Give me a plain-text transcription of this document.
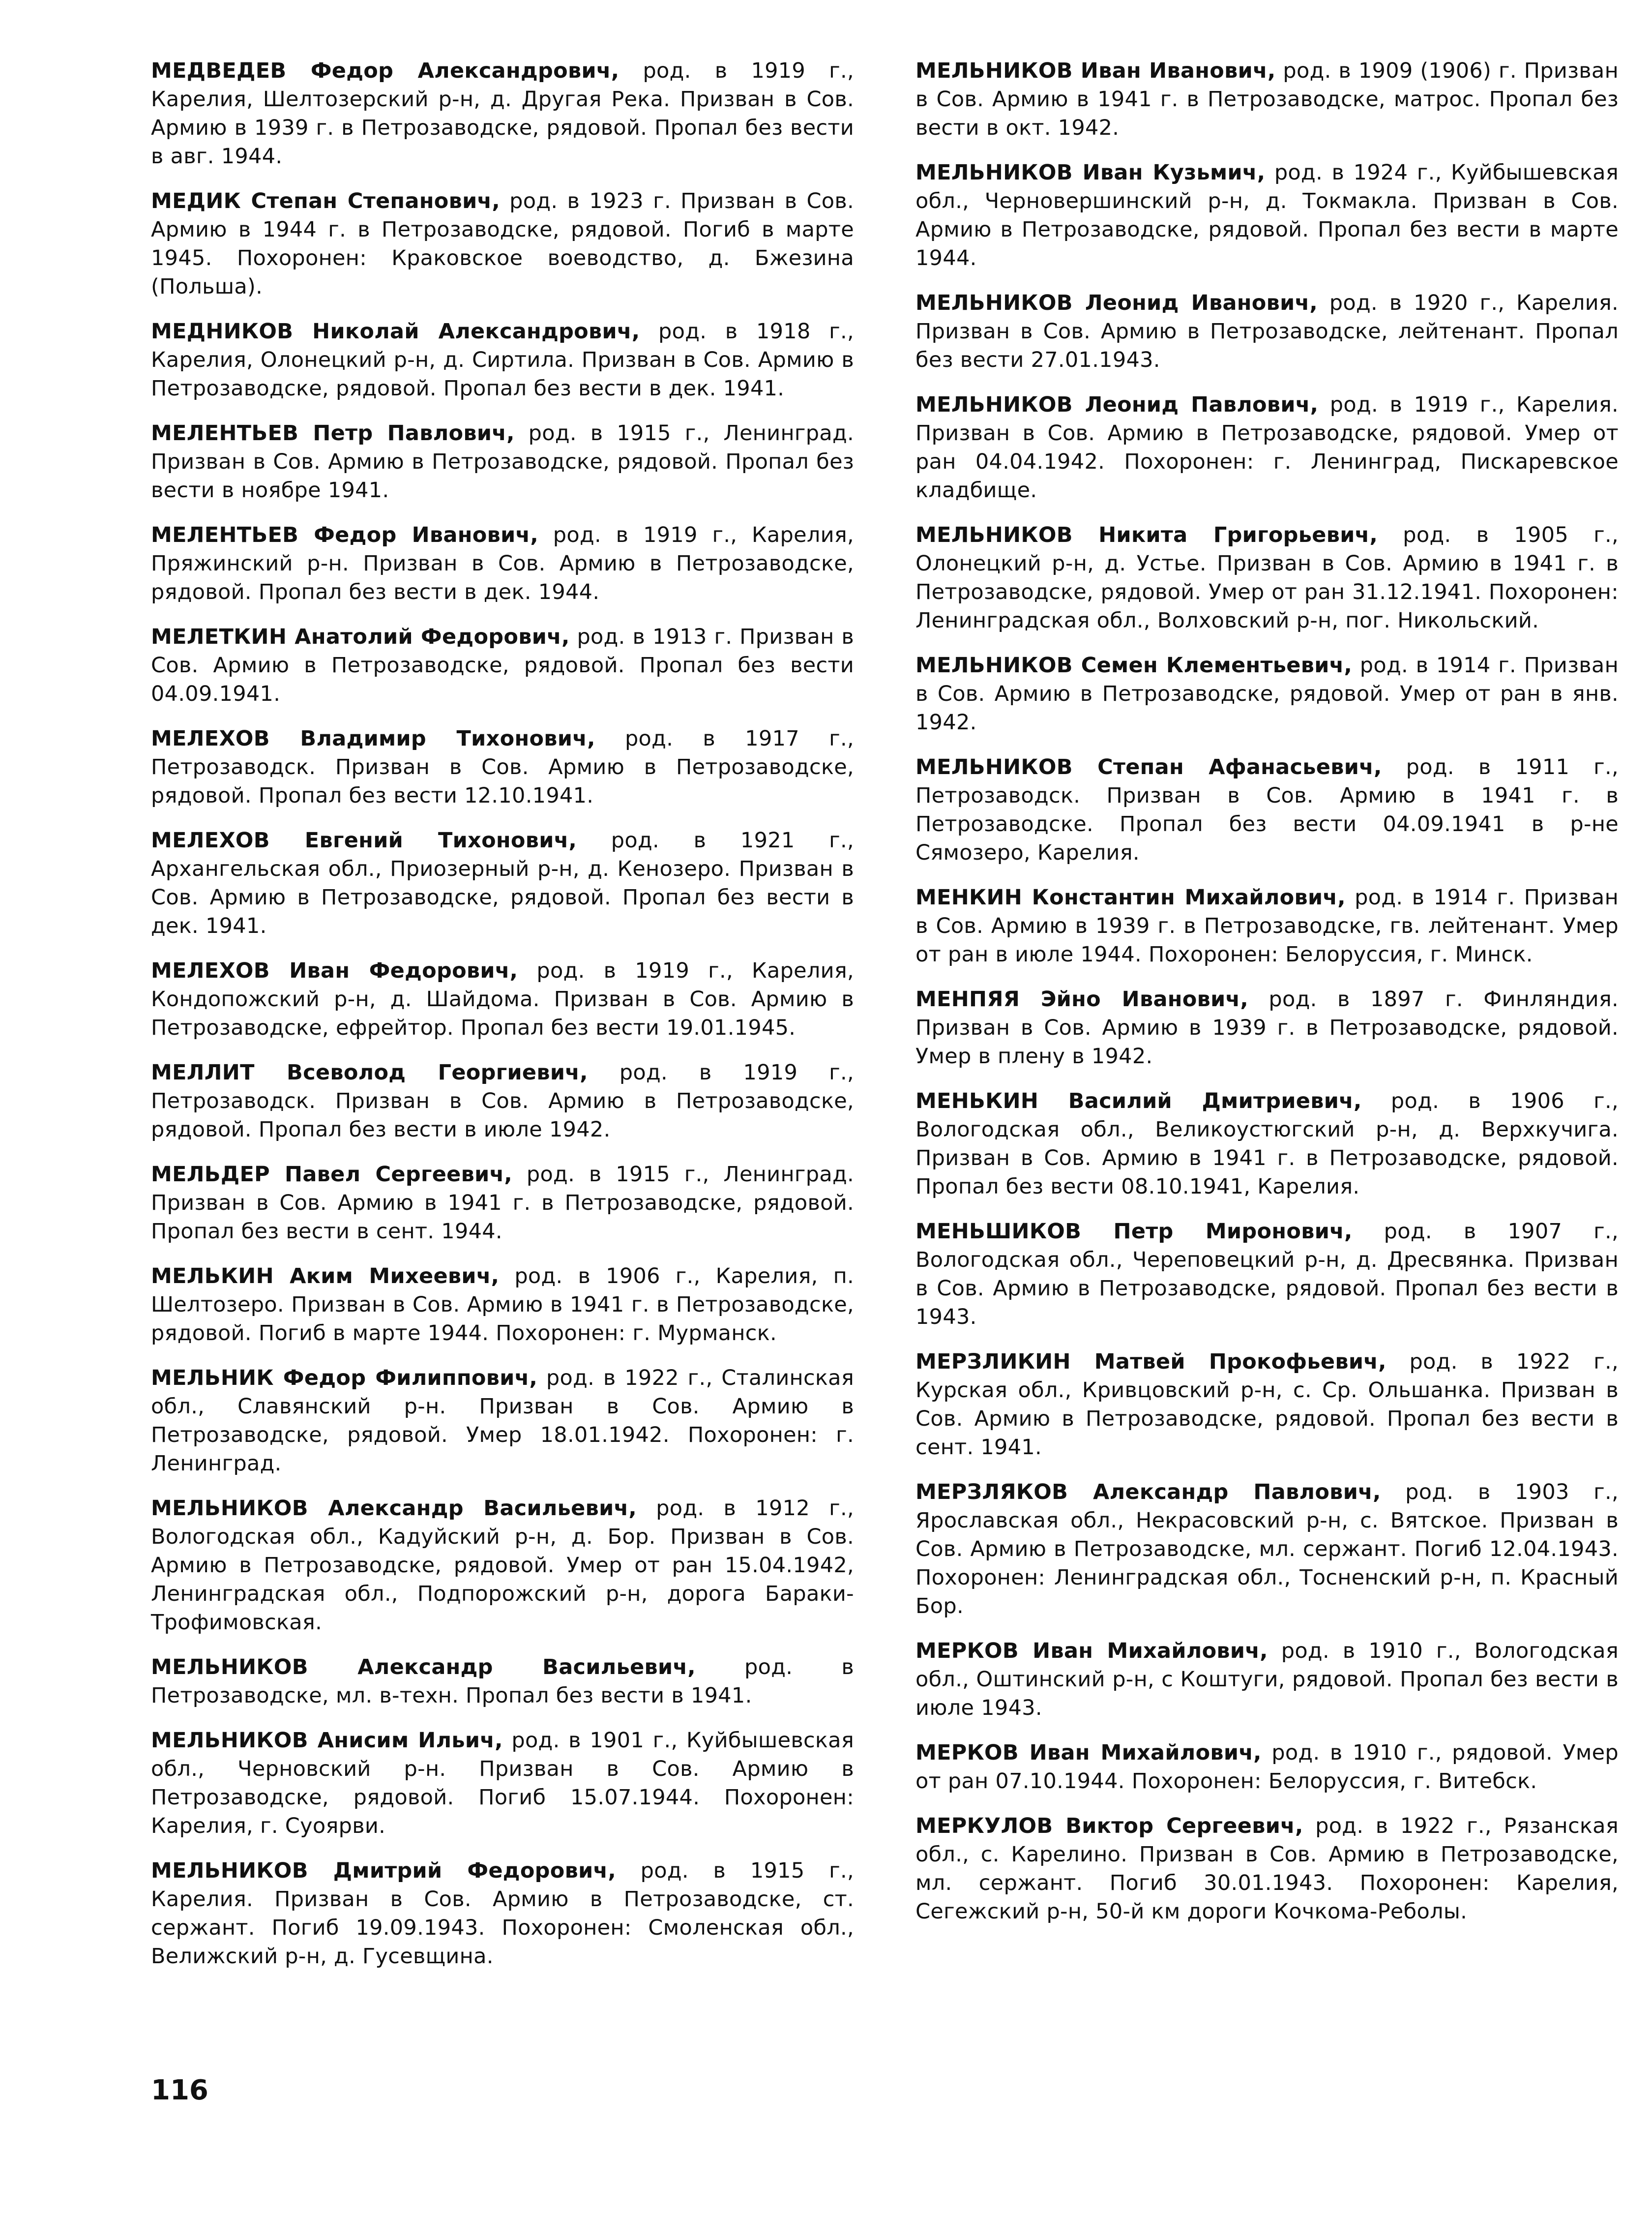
МЕДВЕДЕВ Федор Александрович, род. в 1919 г., Карелия, Шелтозерский р-н, д. Другая Река. Призван в Сов. Армию в 1939 г. в Петрозаводске, рядовой. Пропал без вести в авг. 1944.

МЕДИК Степан Степанович, род. в 1923 г. Призван в Сов. Армию в 1944 г. в Петрозаводске, рядовой. Погиб в марте 1945. Похоронен: Краковское воеводство, д. Бжезина (Польша).

МЕДНИКОВ Николай Александрович, род. в 1918 г., Карелия, Олонецкий р-н, д. Сиртила. Призван в Сов. Армию в Петрозаводске, рядовой. Пропал без вести в дек. 1941.

МЕЛЕНТЬЕВ Петр Павлович, род. в 1915 г., Ленинград. Призван в Сов. Армию в Петрозаводске, рядовой. Пропал без вести в ноябре 1941.

МЕЛЕНТЬЕВ Федор Иванович, род. в 1919 г., Карелия, Пряжинский р-н. Призван в Сов. Армию в Петрозаводске, рядовой. Пропал без вести в дек. 1944.

МЕЛЕТКИН Анатолий Федорович, род. в 1913 г. Призван в Сов. Армию в Петрозаводске, рядовой. Пропал без вести 04.09.1941.

МЕЛЕХОВ Владимир Тихонович, род. в 1917 г., Петрозаводск. Призван в Сов. Армию в Петрозаводске, рядовой. Пропал без вести 12.10.1941.

МЕЛЕХОВ Евгений Тихонович, род. в 1921 г., Архангельская обл., Приозерный р-н, д. Кенозеро. Призван в Сов. Армию в Петрозаводске, рядовой. Пропал без вести в дек. 1941.

МЕЛЕХОВ Иван Федорович, род. в 1919 г., Карелия, Кондопожский р-н, д. Шайдома. Призван в Сов. Армию в Петрозаводске, ефрейтор. Пропал без вести 19.01.1945.

МЕЛЛИТ Всеволод Георгиевич, род. в 1919 г., Петрозаводск. Призван в Сов. Армию в Петрозаводске, рядовой. Пропал без вести в июле 1942.

МЕЛЬДЕР Павел Сергеевич, род. в 1915 г., Ленинград. Призван в Сов. Армию в 1941 г. в Петрозаводске, рядовой. Пропал без вести в сент. 1944.

МЕЛЬКИН Аким Михеевич, род. в 1906 г., Карелия, п. Шелтозеро. Призван в Сов. Армию в 1941 г. в Петрозаводске, рядовой. Погиб в марте 1944. Похоронен: г. Мурманск.

МЕЛЬНИК Федор Филиппович, род. в 1922 г., Сталинская обл., Славянский р-н. Призван в Сов. Армию в Петрозаводске, рядовой. Умер 18.01.1942. Похоронен: г. Ленинград.

МЕЛЬНИКОВ Александр Васильевич, род. в 1912 г., Вологодская обл., Кадуйский р-н, д. Бор. Призван в Сов. Армию в Петрозаводске, рядовой. Умер от ран 15.04.1942, Ленинградская обл., Подпорожский р-н, дорога Бараки-Трофимовская.

МЕЛЬНИКОВ Александр Васильевич, род. в Петрозаводске, мл. в-техн. Пропал без вести в 1941.

МЕЛЬНИКОВ Анисим Ильич, род. в 1901 г., Куйбышевская обл., Черновский р-н. Призван в Сов. Армию в Петрозаводске, рядовой. Погиб 15.07.1944. Похоронен: Карелия, г. Суоярви.

МЕЛЬНИКОВ Дмитрий Федорович, род. в 1915 г., Карелия. Призван в Сов. Армию в Петрозаводске, ст. сержант. Погиб 19.09.1943. Похоронен: Смоленская обл., Велижский р-н, д. Гусевщина.

МЕЛЬНИКОВ Иван Иванович, род. в 1909 (1906) г. Призван в Сов. Армию в 1941 г. в Петрозаводске, матрос. Пропал без вести в окт. 1942.

МЕЛЬНИКОВ Иван Кузьмич, род. в 1924 г., Куйбышевская обл., Черновершинский р-н, д. Токмакла. Призван в Сов. Армию в Петрозаводске, рядовой. Пропал без вести в марте 1944.

МЕЛЬНИКОВ Леонид Иванович, род. в 1920 г., Карелия. Призван в Сов. Армию в Петрозаводске, лейтенант. Пропал без вести 27.01.1943.

МЕЛЬНИКОВ Леонид Павлович, род. в 1919 г., Карелия. Призван в Сов. Армию в Петрозаводске, рядовой. Умер от ран 04.04.1942. Похоронен: г. Ленинград, Пискаревское кладбище.

МЕЛЬНИКОВ Никита Григорьевич, род. в 1905 г., Олонецкий р-н, д. Устье. Призван в Сов. Армию в 1941 г. в Петрозаводске, рядовой. Умер от ран 31.12.1941. Похоронен: Ленинградская обл., Волховский р-н, пог. Никольский.

МЕЛЬНИКОВ Семен Клементьевич, род. в 1914 г. Призван в Сов. Армию в Петрозаводске, рядовой. Умер от ран в янв. 1942.

МЕЛЬНИКОВ Степан Афанасьевич, род. в 1911 г., Петрозаводск. Призван в Сов. Армию в 1941 г. в Петрозаводске. Пропал без вести 04.09.1941 в р-не Сямозеро, Карелия.

МЕНКИН Константин Михайлович, род. в 1914 г. Призван в Сов. Армию в 1939 г. в Петрозаводске, гв. лейтенант. Умер от ран в июле 1944. Похоронен: Белоруссия, г. Минск.

МЕНПЯЯ Эйно Иванович, род. в 1897 г. Финляндия. Призван в Сов. Армию в 1939 г. в Петрозаводске, рядовой. Умер в плену в 1942.

МЕНЬКИН Василий Дмитриевич, род. в 1906 г., Вологодская обл., Великоустюгский р-н, д. Верхкучига. Призван в Сов. Армию в 1941 г. в Петрозаводске, рядовой. Пропал без вести 08.10.1941, Карелия.

МЕНЬШИКОВ Петр Миронович, род. в 1907 г., Вологодская обл., Череповецкий р-н, д. Дресвянка. Призван в Сов. Армию в Петрозаводске, рядовой. Пропал без вести в 1943.

МЕРЗЛИКИН Матвей Прокофьевич, род. в 1922 г., Курская обл., Кривцовский р-н, с. Ср. Ольшанка. Призван в Сов. Армию в Петрозаводске, рядовой. Пропал без вести в сент. 1941.

МЕРЗЛЯКОВ Александр Павлович, род. в 1903 г., Ярославская обл., Некрасовский р-н, с. Вятское. Призван в Сов. Армию в Петрозаводске, мл. сержант. Погиб 12.04.1943. Похоронен: Ленинградская обл., Тосненский р-н, п. Красный Бор.

МЕРКОВ Иван Михайлович, род. в 1910 г., Вологодская обл., Оштинский р-н, с Коштуги, рядовой. Пропал без вести в июле 1943.

МЕРКОВ Иван Михайлович, род. в 1910 г., рядовой. Умер от ран 07.10.1944. Похоронен: Белоруссия, г. Витебск.

МЕРКУЛОВ Виктор Сергеевич, род. в 1922 г., Рязанская обл., с. Карелино. Призван в Сов. Армию в Петрозаводске, мл. сержант. Погиб 30.01.1943. Похоронен: Карелия, Сегежский р-н, 50-й км дороги Кочкома-Реболы.

116
